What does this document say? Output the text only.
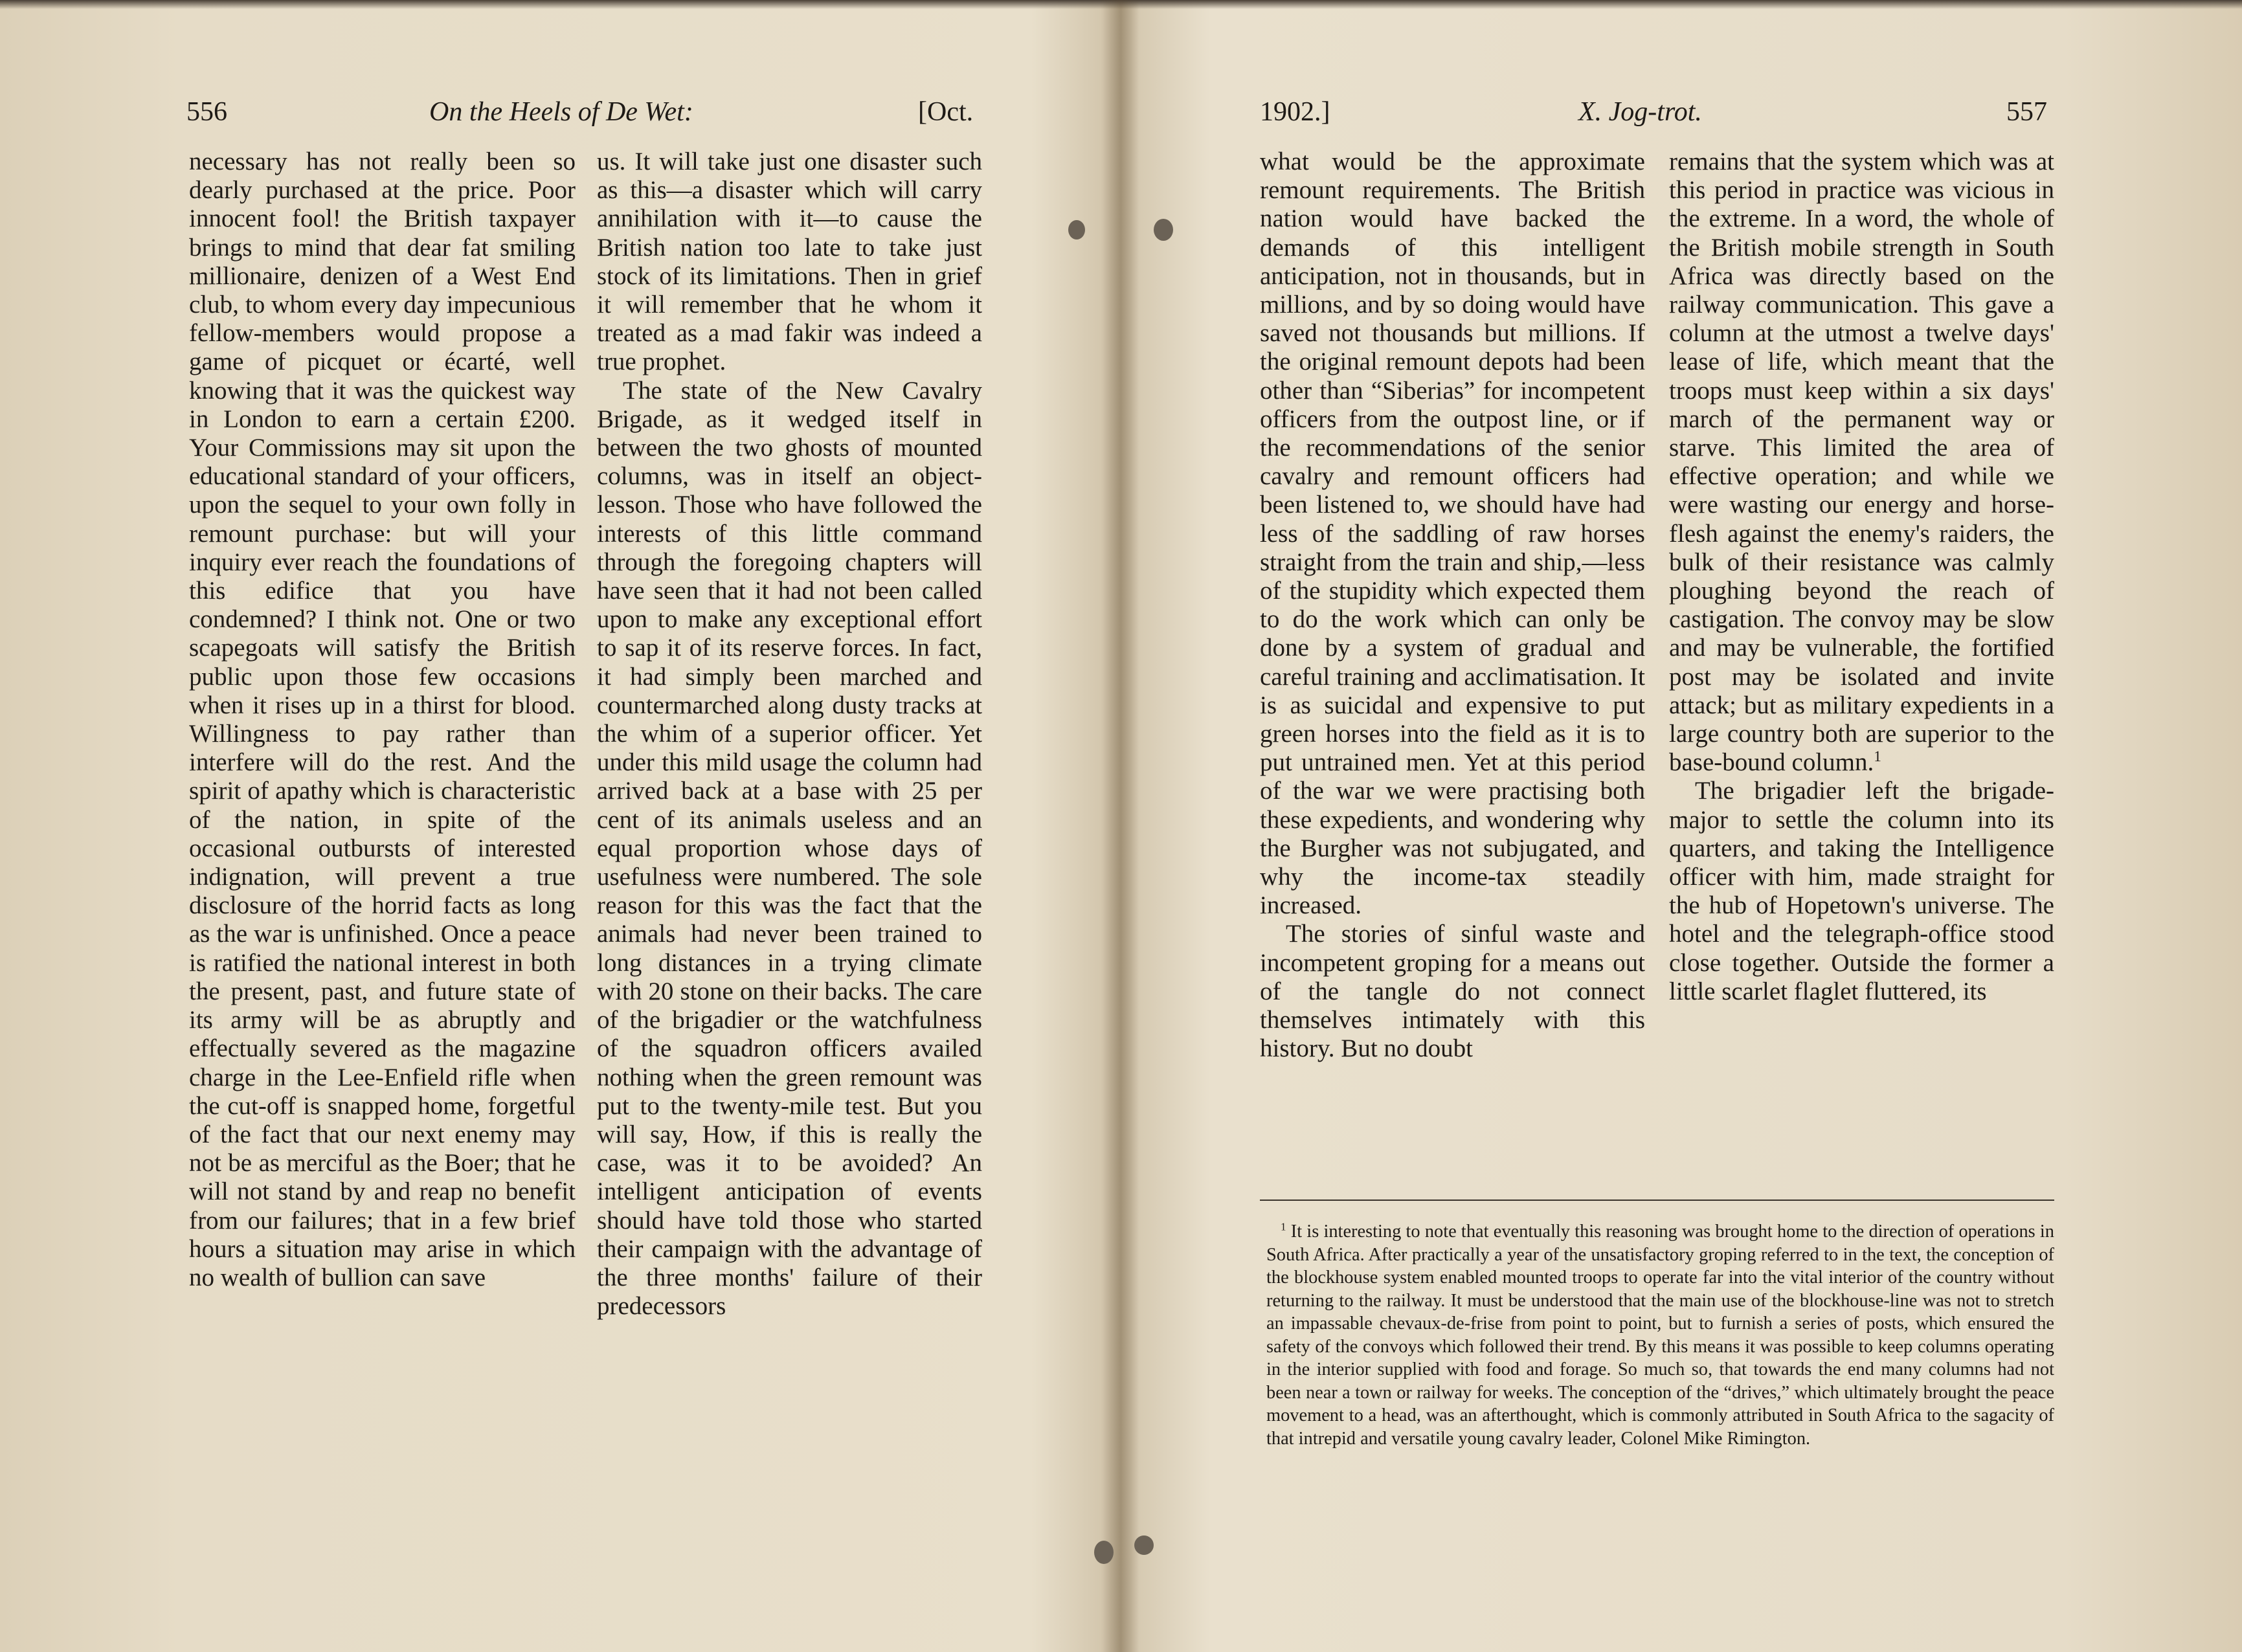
556	On the Heels of De Wet:	[Oct.

necessary has not really been so dearly purchased at the price. Poor innocent fool! the British taxpayer brings to mind that dear fat smiling millionaire, denizen of a West End club, to whom every day impecunious fellow-members would propose a game of picquet or écarté, well knowing that it was the quickest way in London to earn a certain £200. Your Commissions may sit upon the educational standard of your officers, upon the sequel to your own folly in remount purchase: but will your inquiry ever reach the foundations of this edifice that you have condemned? I think not. One or two scapegoats will satisfy the British public upon those few occasions when it rises up in a thirst for blood. Willingness to pay rather than interfere will do the rest. And the spirit of apathy which is characteristic of the nation, in spite of the occasional outbursts of interested indignation, will prevent a true disclosure of the horrid facts as long as the war is unfinished. Once a peace is ratified the national interest in both the present, past, and future state of its army will be as abruptly and effectually severed as the magazine charge in the Lee-Enfield rifle when the cut-off is snapped home, forgetful of the fact that our next enemy may not be as merciful as the Boer; that he will not stand by and reap no benefit from our failures; that in a few brief hours a situation may arise in which no wealth of bullion can save

us. It will take just one disaster such as this—a disaster which will carry annihilation with it—to cause the British nation too late to take just stock of its limitations. Then in grief it will remember that he whom it treated as a mad fakir was indeed a true prophet.

The state of the New Cavalry Brigade, as it wedged itself in between the two ghosts of mounted columns, was in itself an object-lesson. Those who have followed the interests of this little command through the foregoing chapters will have seen that it had not been called upon to make any exceptional effort to sap it of its reserve forces. In fact, it had simply been marched and countermarched along dusty tracks at the whim of a superior officer. Yet under this mild usage the column had arrived back at a base with 25 per cent of its animals useless and an equal proportion whose days of usefulness were numbered. The sole reason for this was the fact that the animals had never been trained to long distances in a trying climate with 20 stone on their backs. The care of the brigadier or the watchfulness of the squadron officers availed nothing when the green remount was put to the twenty-mile test. But you will say, How, if this is really the case, was it to be avoided? An intelligent anticipation of events should have told those who started their campaign with the advantage of the three months' failure of their predecessors

1902.]	X. Jog-trot.	557

what would be the approximate remount requirements. The British nation would have backed the demands of this intelligent anticipation, not in thousands, but in millions, and by so doing would have saved not thousands but millions. If the original remount depots had been other than “Siberias” for incompetent officers from the outpost line, or if the recommendations of the senior cavalry and remount officers had been listened to, we should have had less of the saddling of raw horses straight from the train and ship,—less of the stupidity which expected them to do the work which can only be done by a system of gradual and careful training and acclimatisation. It is as suicidal and expensive to put green horses into the field as it is to put untrained men. Yet at this period of the war we were practising both these expedients, and wondering why the Burgher was not subjugated, and why the income-tax steadily increased.

The stories of sinful waste and incompetent groping for a means out of the tangle do not connect themselves intimately with this history. But no doubt

remains that the system which was at this period in practice was vicious in the extreme. In a word, the whole of the British mobile strength in South Africa was directly based on the railway communication. This gave a column at the utmost a twelve days' lease of life, which meant that the troops must keep within a six days' march of the permanent way or starve. This limited the area of effective operation; and while we were wasting our energy and horse-flesh against the enemy's raiders, the bulk of their resistance was calmly ploughing beyond the reach of castigation. The convoy may be slow and may be vulnerable, the fortified post may be isolated and invite attack; but as military expedients in a large country both are superior to the base-bound column.$^1$

The brigadier left the brigade-major to settle the column into its quarters, and taking the Intelligence officer with him, made straight for the hub of Hopetown's universe. The hotel and the telegraph-office stood close together. Outside the former a little scarlet flaglet fluttered, its

$^1$ It is interesting to note that eventually this reasoning was brought home to the direction of operations in South Africa. After practically a year of the unsatisfactory groping referred to in the text, the conception of the blockhouse system enabled mounted troops to operate far into the vital interior of the country without returning to the railway. It must be understood that the main use of the blockhouse-line was not to stretch an impassable chevaux-de-frise from point to point, but to furnish a series of posts, which ensured the safety of the convoys which followed their trend. By this means it was possible to keep columns operating in the interior supplied with food and forage. So much so, that towards the end many columns had not been near a town or railway for weeks. The conception of the “drives,” which ultimately brought the peace movement to a head, was an afterthought, which is commonly attributed in South Africa to the sagacity of that intrepid and versatile young cavalry leader, Colonel Mike Rimington.
